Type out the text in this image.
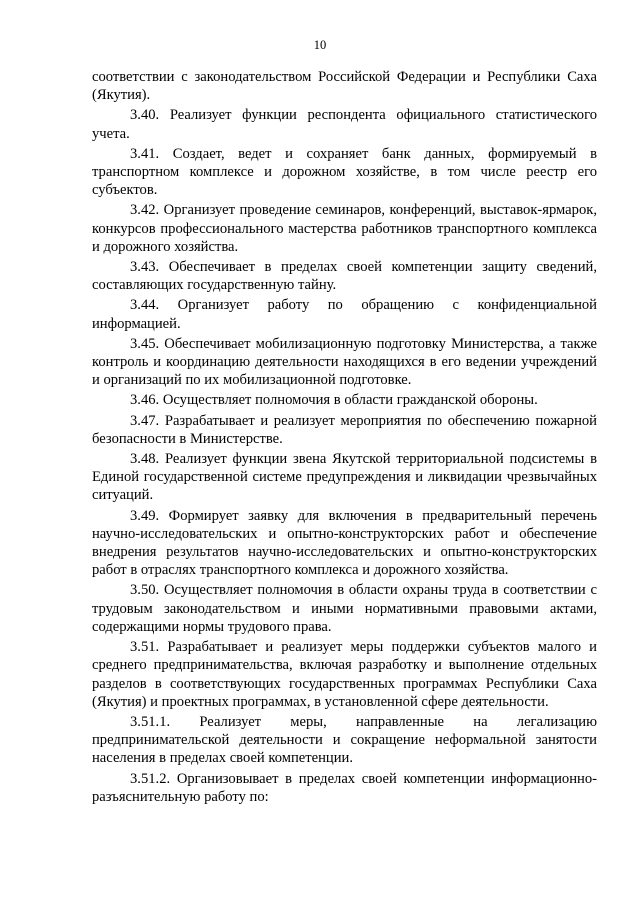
10

соответствии с законодательством Российской Федерации и Республики Саха (Якутия).

3.40. Реализует функции респондента официального статистического учета.

3.41. Создает, ведет и сохраняет банк данных, формируемый в транспортном комплексе и дорожном хозяйстве, в том числе реестр его субъектов.

3.42. Организует проведение семинаров, конференций, выставок-ярмарок, конкурсов профессионального мастерства работников транспортного комплекса и дорожного хозяйства.

3.43. Обеспечивает в пределах своей компетенции защиту сведений, составляющих государственную тайну.

3.44. Организует работу по обращению с конфиденциальной информацией.

3.45. Обеспечивает мобилизационную подготовку Министерства, а также контроль и координацию деятельности находящихся в его ведении учреждений и организаций по их мобилизационной подготовке.

3.46. Осуществляет полномочия в области гражданской обороны.

3.47. Разрабатывает и реализует мероприятия по обеспечению пожарной безопасности в Министерстве.

3.48. Реализует функции звена Якутской территориальной подсистемы в Единой государственной системе предупреждения и ликвидации чрезвычайных ситуаций.

3.49. Формирует заявку для включения в предварительный перечень научно-исследовательских и опытно-конструкторских работ и обеспечение внедрения результатов научно-исследовательских и опытно-конструкторских работ в отраслях транспортного комплекса и дорожного хозяйства.

3.50. Осуществляет полномочия в области охраны труда в соответствии с трудовым законодательством и иными нормативными правовыми актами, содержащими нормы трудового права.

3.51. Разрабатывает и реализует меры поддержки субъектов малого и среднего предпринимательства, включая разработку и выполнение отдельных разделов в соответствующих государственных программах Республики Саха (Якутия) и проектных программах, в установленной сфере деятельности.

3.51.1. Реализует меры, направленные на легализацию предпринимательской деятельности и сокращение неформальной занятости населения в пределах своей компетенции.

3.51.2. Организовывает в пределах своей компетенции информационно-разъяснительную работу по:
